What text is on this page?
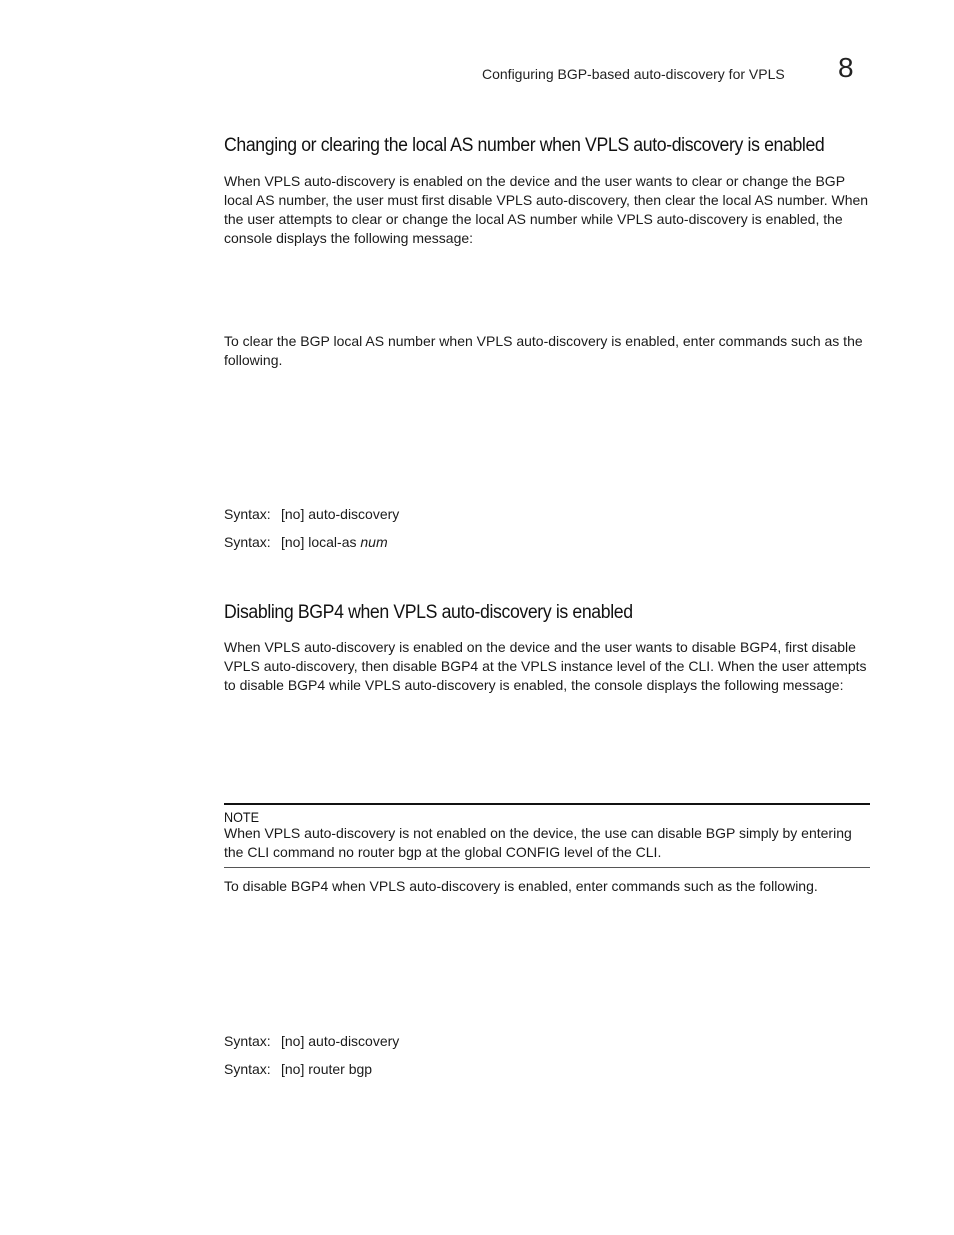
Configuring BGP-based auto-discovery for VPLS 8
Changing or clearing the local AS number when VPLS auto-discovery is enabled
When VPLS auto-discovery is enabled on the device and the user wants to clear or change the BGP local AS number, the user must first disable VPLS auto-discovery, then clear the local AS number. When the user attempts to clear or change the local AS number while VPLS auto-discovery is enabled, the console displays the following message:
To clear the BGP local AS number when VPLS auto-discovery is enabled, enter commands such as the following.
Syntax: [no] auto-discovery
Syntax: [no] local-as num
Disabling BGP4 when VPLS auto-discovery is enabled
When VPLS auto-discovery is enabled on the device and the user wants to disable BGP4, first disable VPLS auto-discovery, then disable BGP4 at the VPLS instance level of the CLI. When the user attempts to disable BGP4 while VPLS auto-discovery is enabled, the console displays the following message:
NOTE
When VPLS auto-discovery is not enabled on the device, the use can disable BGP simply by entering the CLI command no router bgp at the global CONFIG level of the CLI.
To disable BGP4 when VPLS auto-discovery is enabled, enter commands such as the following.
Syntax: [no] auto-discovery
Syntax: [no] router bgp
